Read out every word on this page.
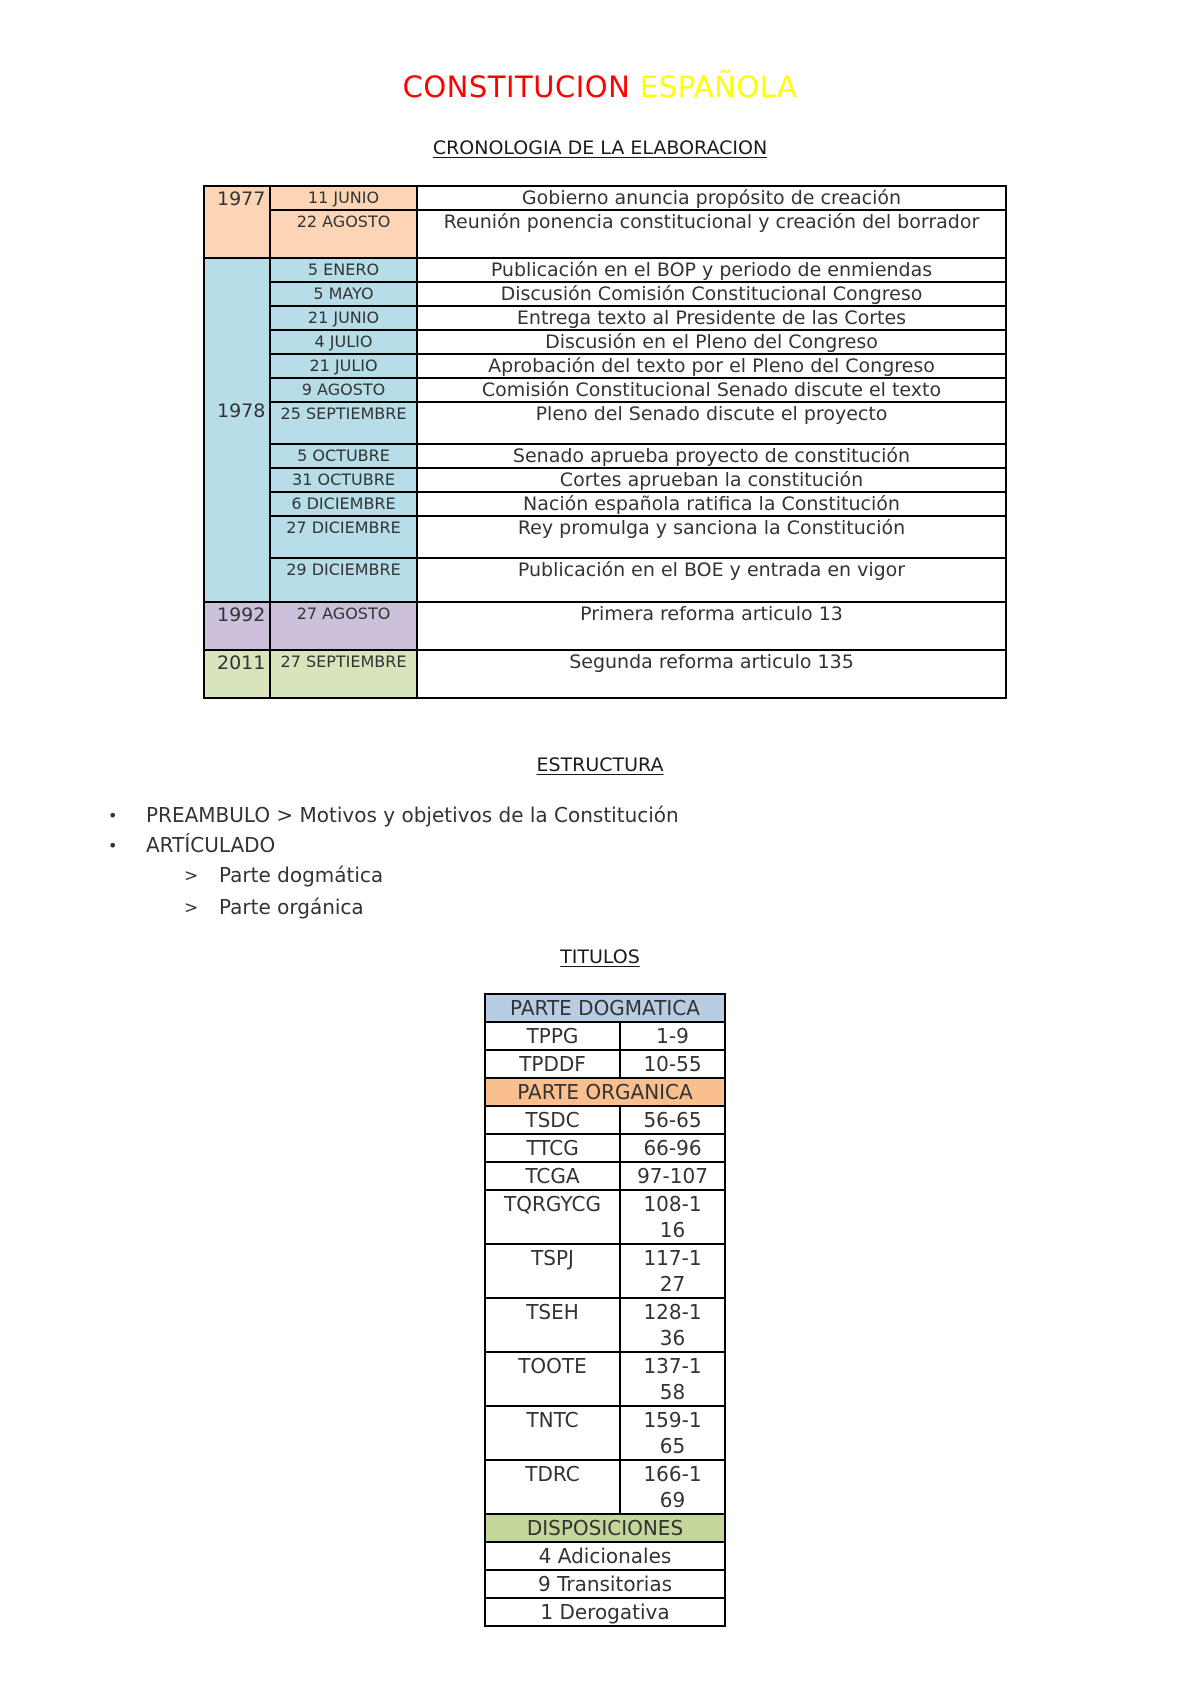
CONSTITUCION ESPAÑOLA
CRONOLOGIA DE LA ELABORACION
1977	11 JUNIO	Gobierno anuncia propósito de creación
	22 AGOSTO	Reunión ponencia constitucional y creación del borrador
1978	5 ENERO	Publicación en el BOP y periodo de enmiendas
	5 MAYO	Discusión Comisión Constitucional Congreso
	21 JUNIO	Entrega texto al Presidente de las Cortes
	4 JULIO	Discusión en el Pleno del Congreso
	21 JULIO	Aprobación del texto por el Pleno del Congreso
	9 AGOSTO	Comisión Constitucional Senado discute el texto
	25 SEPTIEMBRE	Pleno del Senado discute el proyecto
	5 OCTUBRE	Senado aprueba proyecto de constitución
	31 OCTUBRE	Cortes aprueban la constitución
	6 DICIEMBRE	Nación española ratifica la Constitución
	27 DICIEMBRE	Rey promulga y sanciona la Constitución
	29 DICIEMBRE	Publicación en el BOE y entrada en vigor
1992	27 AGOSTO	Primera reforma articulo 13
2011	27 SEPTIEMBRE	Segunda reforma articulo 135
ESTRUCTURA
• PREAMBULO > Motivos y objetivos de la Constitución
• ARTÍCULADO
> Parte dogmática
> Parte orgánica
TITULOS
PARTE DOGMATICA	
TPPG	1-9
TPDDF	10-55
PARTE ORGANICA	
TSDC	56-65
TTCG	66-96
TCGA	97-107
TQRGYCG	108-116
TSPJ	117-127
TSEH	128-136
TOOTE	137-158
TNTC	159-165
TDRC	166-169
DISPOSICIONES	
4 Adicionales	
9 Transitorias	
1 Derogativa	
